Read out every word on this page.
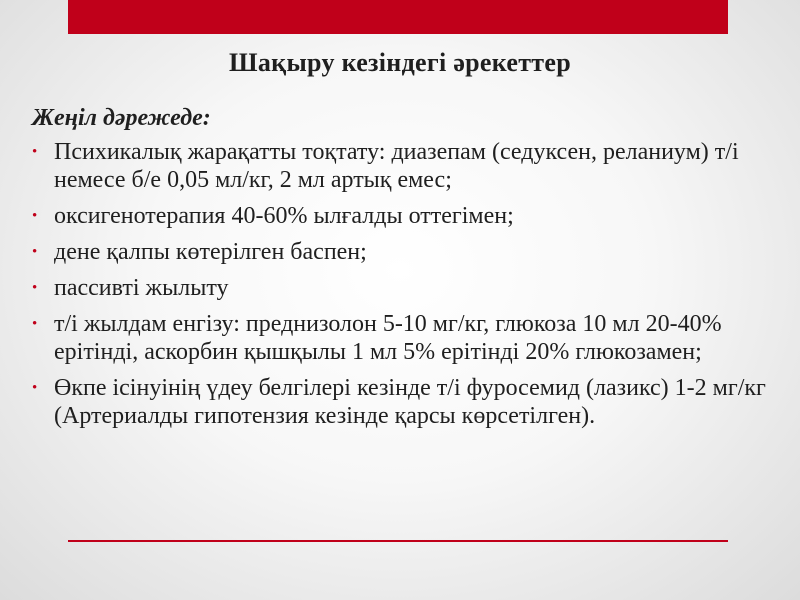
Шақыру кезіндегі әрекеттер

Жеңіл дәрежеде:

• Психикалық жарақатты тоқтату: диазепам (седуксен, реланиум) т/і немесе б/е 0,05 мл/кг, 2 мл артық емес;
• оксигенотерапия 40-60% ылғалды оттегімен;
• дене қалпы көтерілген баспен;
• пассивті жылыту
• т/і жылдам енгізу: преднизолон 5-10 мг/кг, глюкоза 10 мл 20-40% ерітінді, аскорбин қышқылы 1 мл 5% ерітінді 20% глюкозамен;
• Өкпе ісінуінің үдеу белгілері кезінде т/і фуросемид (лазикс) 1-2 мг/кг (Артериалды гипотензия кезінде қарсы көрсетілген).
